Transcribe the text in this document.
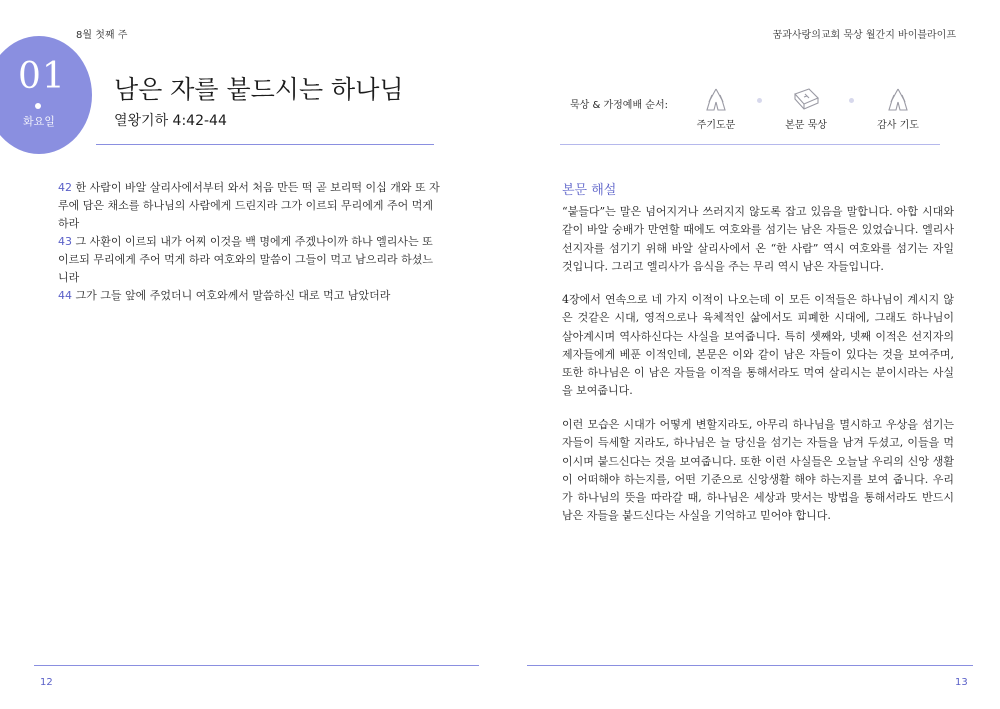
8월 첫째 주
01
화요일
남은 자를 붙드시는 하나님
열왕기하 4:42-44
42 한 사람이 바알 살리사에서부터 와서 처음 만든 떡 곧 보리떡 이십 개와 또 자루에 담은 채소를 하나님의 사람에게 드린지라 그가 이르되 무리에게 주어 먹게 하라
43 그 사환이 이르되 내가 어찌 이것을 백 명에게 주겠나이까 하나 엘리사는 또 이르되 무리에게 주어 먹게 하라 여호와의 말씀이 그들이 먹고 남으리라 하셨느니라
44 그가 그들 앞에 주었더니 여호와께서 말씀하신 대로 먹고 남았더라
12
꿈과사랑의교회 묵상 월간지 바이블라이프
묵상 & 가정예배 순서:
주기도문	본문 묵상	감사 기도
본문 해설
“붙들다”는 말은 넘어지거나 쓰러지지 않도록 잡고 있음을 말합니다. 아합 시대와 같이 바알 숭배가 만연할 때에도 여호와를 섬기는 남은 자들은 있었습니다. 엘리사 선지자를 섬기기 위해 바알 살리사에서 온 “한 사람” 역시 여호와를 섬기는 자일 것입니다. 그리고 엘리사가 음식을 주는 무리 역시 남은 자들입니다.
4장에서 연속으로 네 가지 이적이 나오는데 이 모든 이적들은 하나님이 계시지 않은 것같은 시대, 영적으로나 육체적인 삶에서도 피폐한 시대에, 그래도 하나님이 살아계시며 역사하신다는 사실을 보여줍니다. 특히 셋째와, 넷째 이적은 선지자의 제자들에게 베푼 이적인데, 본문은 이와 같이 남은 자들이 있다는 것을 보여주며, 또한 하나님은 이 남은 자들을 이적을 통해서라도 먹여 살리시는 분이시라는 사실을 보여줍니다.
이런 모습은 시대가 어떻게 변할지라도, 아무리 하나님을 멸시하고 우상을 섬기는 자들이 득세할 지라도, 하나님은 늘 당신을 섬기는 자들을 남겨 두셨고, 이들을 먹이시며 붙드신다는 것을 보여줍니다. 또한 이런 사실들은 오늘날 우리의 신앙 생활이 어떠해야 하는지를, 어떤 기준으로 신앙생활 해야 하는지를 보여 줍니다. 우리가 하나님의 뜻을 따라갈 때, 하나님은 세상과 맞서는 방법을 통해서라도 반드시 남은 자들을 붙드신다는 사실을 기억하고 믿어야 합니다.
13
